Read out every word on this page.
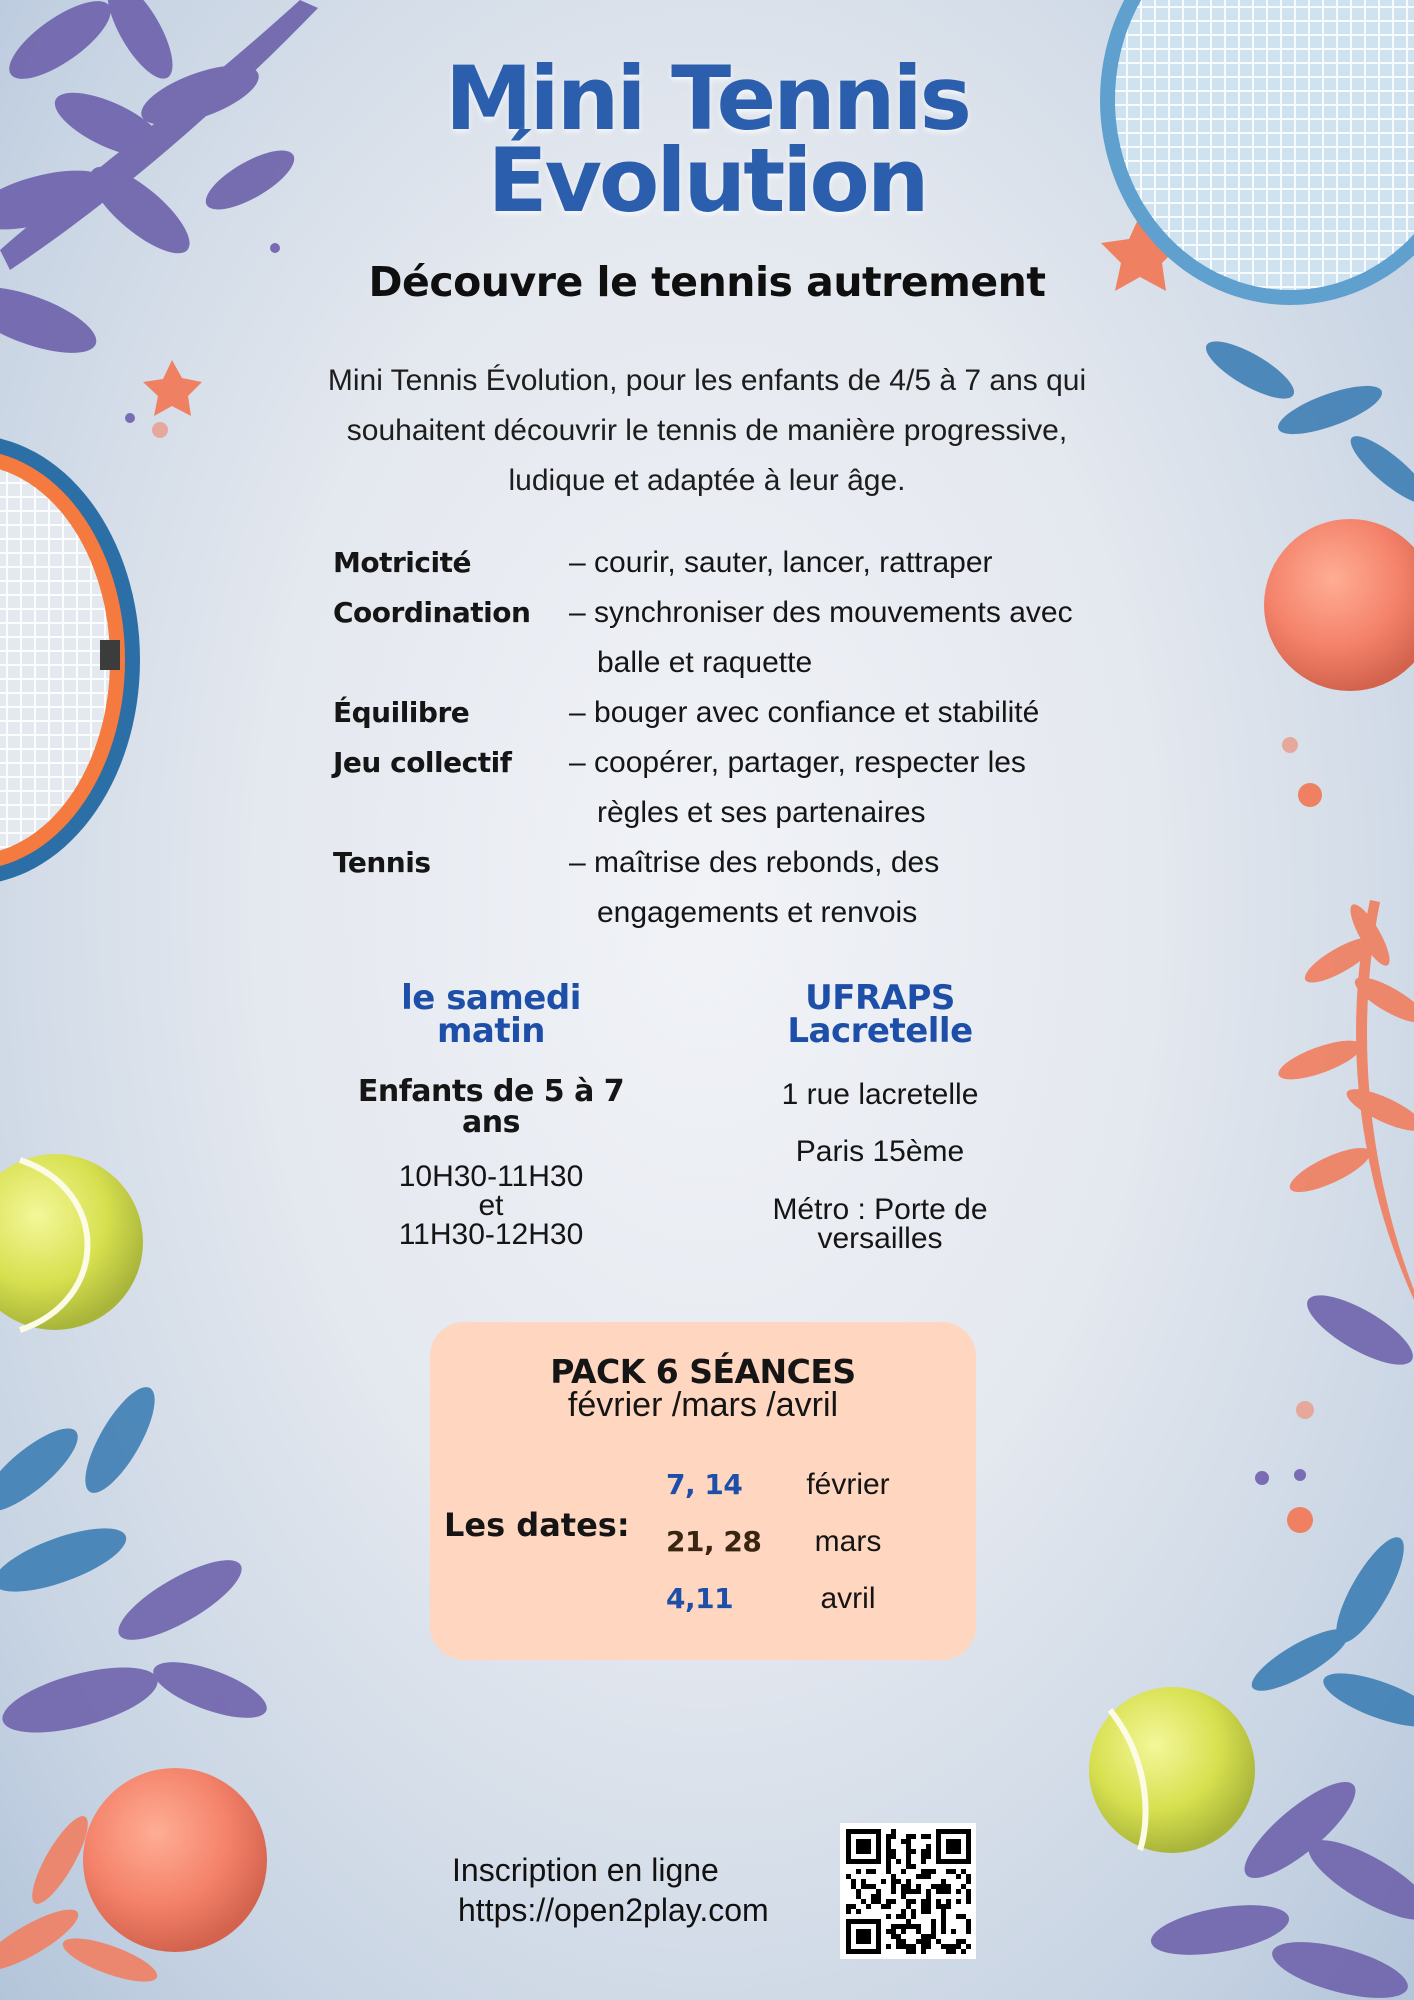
Mini Tennis
Évolution
Découvre le tennis autrement
Mini Tennis Évolution, pour les enfants de 4/5 à 7 ans qui
souhaitent découvrir le tennis de manière progressive,
ludique et adaptée à leur âge.
Motricité	– courir, sauter, lancer, rattraper
Coordination	– synchroniser des mouvements avec
balle et raquette
Équilibre	– bouger avec confiance et stabilité
Jeu collectif	– coopérer, partager, respecter les
règles et ses partenaires
Tennis	– maîtrise des rebonds, des
engagements et renvois
le samedi
matin
Enfants de 5 à 7
ans
10H30-11H30
et
11H30-12H30
UFRAPS
Lacretelle
1 rue lacretelle
Paris 15ème
Métro : Porte de
versailles
PACK 6 SÉANCES
février /mars /avril
Les dates:
7, 14	février
21, 28	mars
4,11	avril
Inscription en ligne
https://open2play.com
